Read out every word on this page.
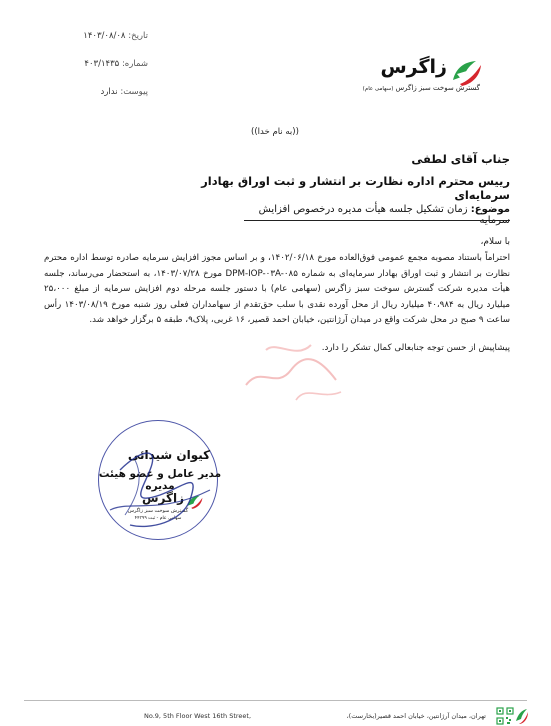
تاریخ: ۱۴۰۳/۰۸/۰۸
شماره: ۴۰۳/۱۴۳۵
پیوست: ندارد
زاگرس
گسترش سوخت سبز زاگرس (سهامی عام)
((به نام خدا))
جناب آقای لطفی
رییس محترم اداره نظارت بر انتشار و ثبت اوراق بهادار سرمایه‌ای
موضوع: زمان تشکیل جلسه هیأت مدیره درخصوص افزایش
با سلام،
احتراماً باستناد مصوبه مجمع عمومی فوق‌العاده مورخ ۱۴۰۲/۰۶/۱۸، و بر اساس مجوز افزایش سرمایه صادره توسط اداره محترم نظارت بر انتشار و ثبت اوراق بهادار سرمایه‌ای به شماره DPM-IOP-۰۳A-۰۸۵ مورخ ۱۴۰۳/۰۷/۲۸، به استحضار می‌رساند، جلسه هیأت مدیره شرکت گسترش سوخت سبز زاگرس (سهامی عام) با دستور جلسه مرحله دوم افزایش سرمایه از مبلغ ۲۵،۰۰۰ میلیارد ریال به ۴۰،۹۸۴ میلیارد ریال از محل آورده نقدی با سلب حق‌تقدم از سهامداران فعلی روز شنبه مورخ ۱۴۰۳/۰۸/۱۹ رأس ساعت ۹ صبح در محل شرکت واقع در میدان آرژانتین، خیابان احمد قصیر، ۱۶ غربی، پلاک۹، طبقه ۵ برگزار خواهد شد.
پیشاپیش از حسن توجه جنابعالی کمال تشکر را دارد.
کیوان شیدائی
مدیر عامل و عضو هیئت مدیره
زاگرس
گسترش سوخت سبز زاگرس
سهامی عام - ثبت ۴۴۳۹۹
No.9, 5th Floor West 16th Street,	تهران، میدان آرژانتین، خیابان احمد قصیر(بخارست)،
